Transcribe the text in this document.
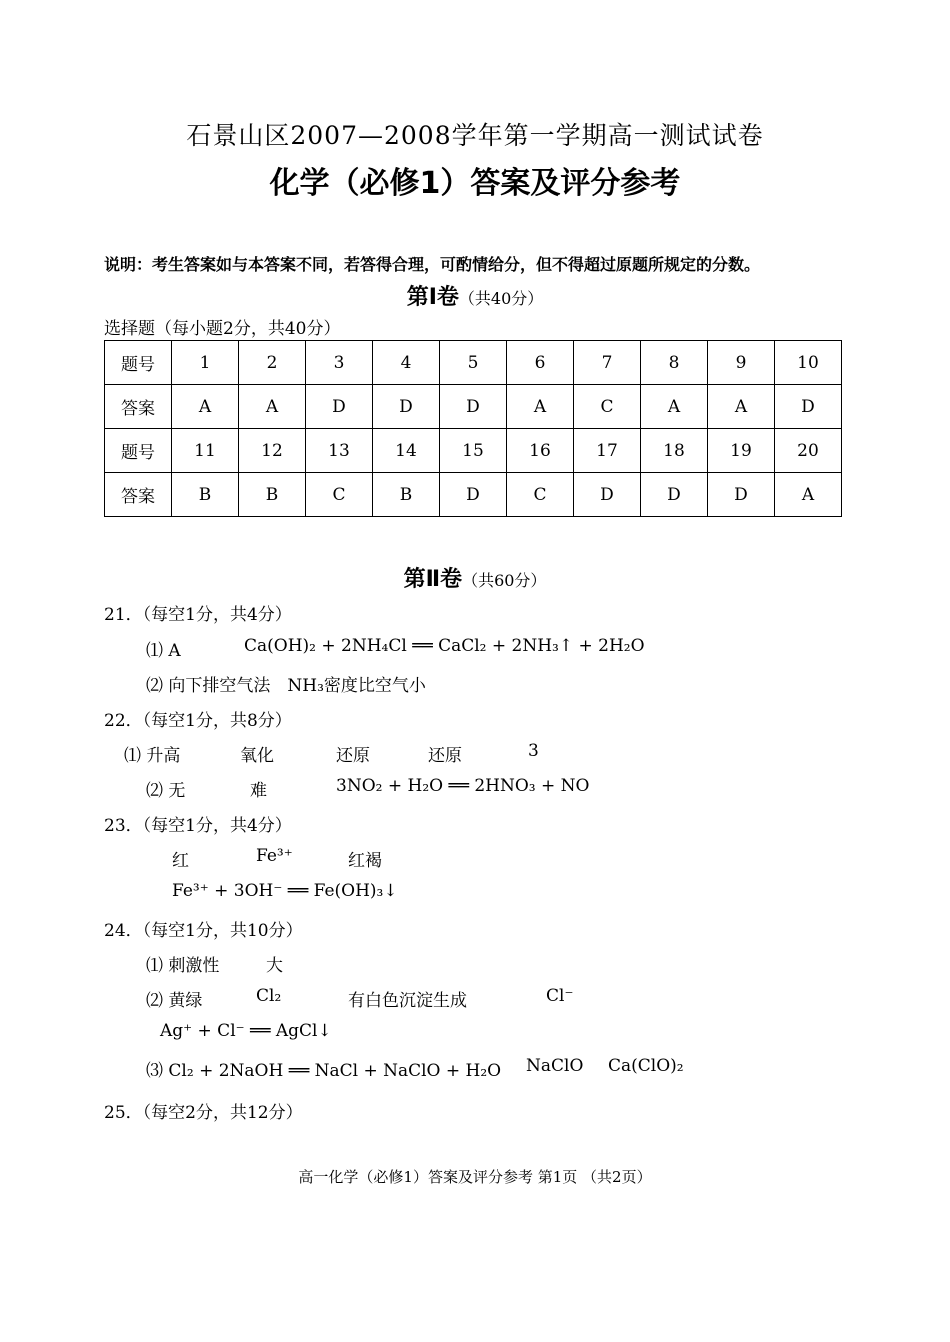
石景山区2007—2008学年第一学期高一测试试卷
化学（必修1）答案及评分参考
说明：考生答案如与本答案不同，若答得合理，可酌情给分，但不得超过原题所规定的分数。
第Ⅰ卷（共40分）
选择题（每小题2分，共40分）
题号	1	2	3	4	5	6	7	8	9	10
答案	A	A	D	D	D	A	C	A	A	D
题号	11	12	13	14	15	16	17	18	19	20
答案	B	B	C	B	D	C	D	D	D	A
第Ⅱ卷（共60分）
21．（每空1分，共4分）
⑴ A	Ca(OH)₂ + 2NH₄Cl ══ CaCl₂ + 2NH₃↑ + 2H₂O
⑵ 向下排空气法　NH₃密度比空气小
22．（每空1分，共8分）
⑴ 升高	氧化	还原	还原	3
⑵ 无	难	3NO₂ + H₂O ══ 2HNO₃ + NO
23．（每空1分，共4分）
红	Fe³⁺	红褐
Fe³⁺ + 3OH⁻ ══ Fe(OH)₃↓
24．（每空1分，共10分）
⑴ 刺激性	大
⑵ 黄绿	Cl₂	有白色沉淀生成	Cl⁻
Ag⁺ + Cl⁻ ══ AgCl↓
⑶ Cl₂ + 2NaOH ══ NaCl + NaClO + H₂O NaClO Ca(ClO)₂
25．（每空2分，共12分）
高一化学（必修1）答案及评分参考 第1页 （共2页）
